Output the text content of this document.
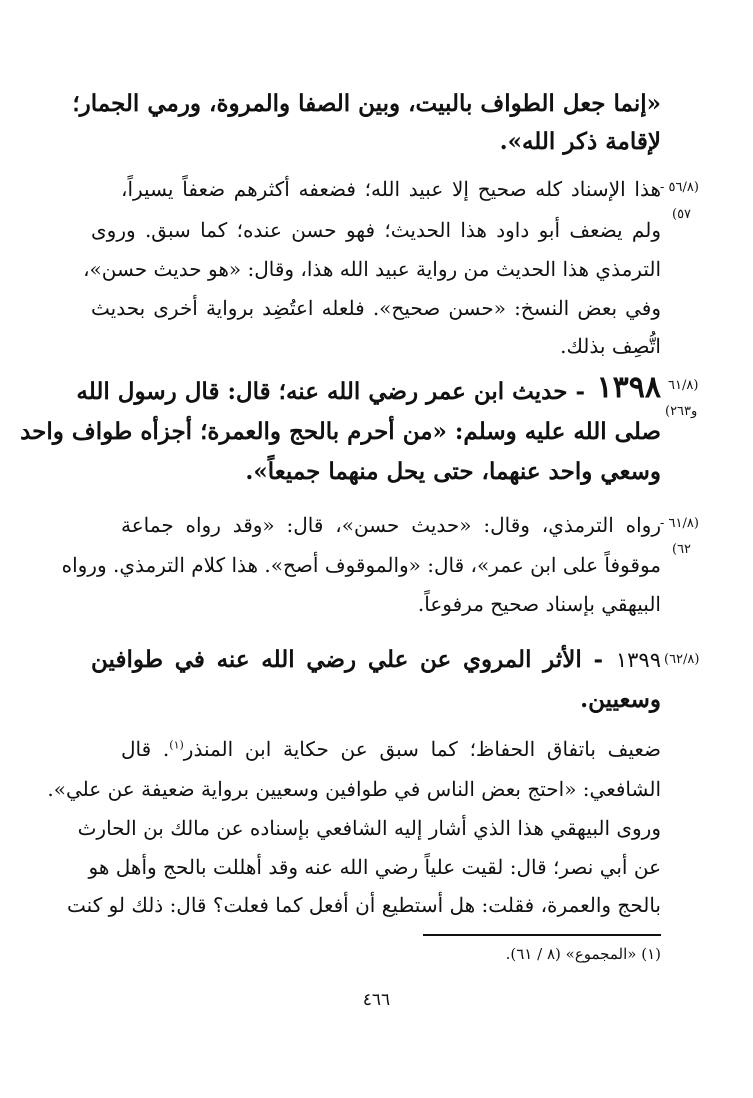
«إنما جعل الطواف بالبيت، وبين الصفا والمروة، ورمي الجمار؛
لإقامة ذكر الله».
(٥٦/٨ -
٥٧)
هذا الإسناد كله صحيح إلا عبيد الله؛ فضعفه أكثرهم ضعفاً يسيراً،
ولم يضعف أبو داود هذا الحديث؛ فهو حسن عنده؛ كما سبق. وروى
الترمذي هذا الحديث من رواية عبيد الله هذا، وقال: «هو حديث حسن»،
وفي بعض النسخ: «حسن صحيح». فلعله اعتُضِد برواية أخرى بحديث
اتُّصِف بذلك.
(٦١/٨
و٢٦٣)
١٣٩٨
- حديث ابن عمر رضي الله عنه؛ قال: قال رسول الله
صلى الله عليه وسلم: «من أحرم بالحج والعمرة؛ أجزأه طواف واحد
وسعي واحد عنهما، حتى يحل منهما جميعاً».
(٦١/٨ -
٦٢)
رواه الترمذي، وقال: «حديث حسن»، قال: «وقد رواه جماعة
موقوفاً على ابن عمر»، قال: «والموقوف أصح». هذا كلام الترمذي. ورواه
البيهقي بإسناد صحيح مرفوعاً.
(٦٢/٨)
١٣٩٩
- الأثر المروي عن علي رضي الله عنه في طوافين
وسعيين.
ضعيف باتفاق الحفاظ؛ كما سبق عن حكاية ابن المنذر$^{(١)}$. قال
الشافعي: «احتج بعض الناس في طوافين وسعيين برواية ضعيفة عن علي».
وروى البيهقي هذا الذي أشار إليه الشافعي بإسناده عن مالك بن الحارث
عن أبي نصر؛ قال: لقيت علياً رضي الله عنه وقد أهللت بالحج وأهل هو
بالحج والعمرة، فقلت: هل أستطيع أن أفعل كما فعلت؟ قال: ذلك لو كنت
(١) «المجموع» (٨ / ٦١).
٤٦٦
